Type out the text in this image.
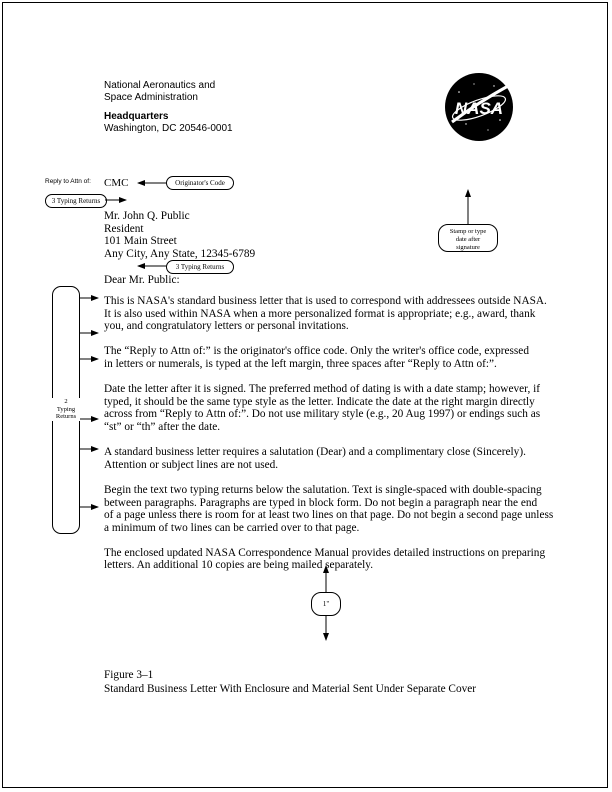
National Aeronautics and
Space Administration
Headquarters
Washington, DC 20546-0001
NASA
Reply to Attn of: CMC	Originator's Code
3 Typing Returns
Mr. John Q. Public
Resident
101 Main Street
Any City, Any State, 12345-6789
Stamp or type
date after
signature
3 Typing Returns
Dear Mr. Public:
This is NASA's standard business letter that is used to correspond with addressees outside NASA.
It is also used within NASA when a more personalized format is appropriate; e.g., award, thank
you, and congratulatory letters or personal invitations.
The “Reply to Attn of:” is the originator's office code. Only the writer's office code, expressed
in letters or numerals, is typed at the left margin, three spaces after “Reply to Attn of:”.
Date the letter after it is signed. The preferred method of dating is with a date stamp; however, if
typed, it should be the same type style as the letter. Indicate the date at the right margin directly
across from “Reply to Attn of:”. Do not use military style (e.g., 20 Aug 1997) or endings such as
“st” or “th” after the date.
A standard business letter requires a salutation (Dear) and a complimentary close (Sincerely).
Attention or subject lines are not used.
Begin the text two typing returns below the salutation. Text is single-spaced with double-spacing
between paragraphs. Paragraphs are typed in block form. Do not begin a paragraph near the end
of a page unless there is room for at least two lines on that page. Do not begin a second page unless
a minimum of two lines can be carried over to that page.
The enclosed updated NASA Correspondence Manual provides detailed instructions on preparing
letters. An additional 10 copies are being mailed separately.
2
Typing
Returns
1"
Figure 3–1
Standard Business Letter With Enclosure and Material Sent Under Separate Cover
